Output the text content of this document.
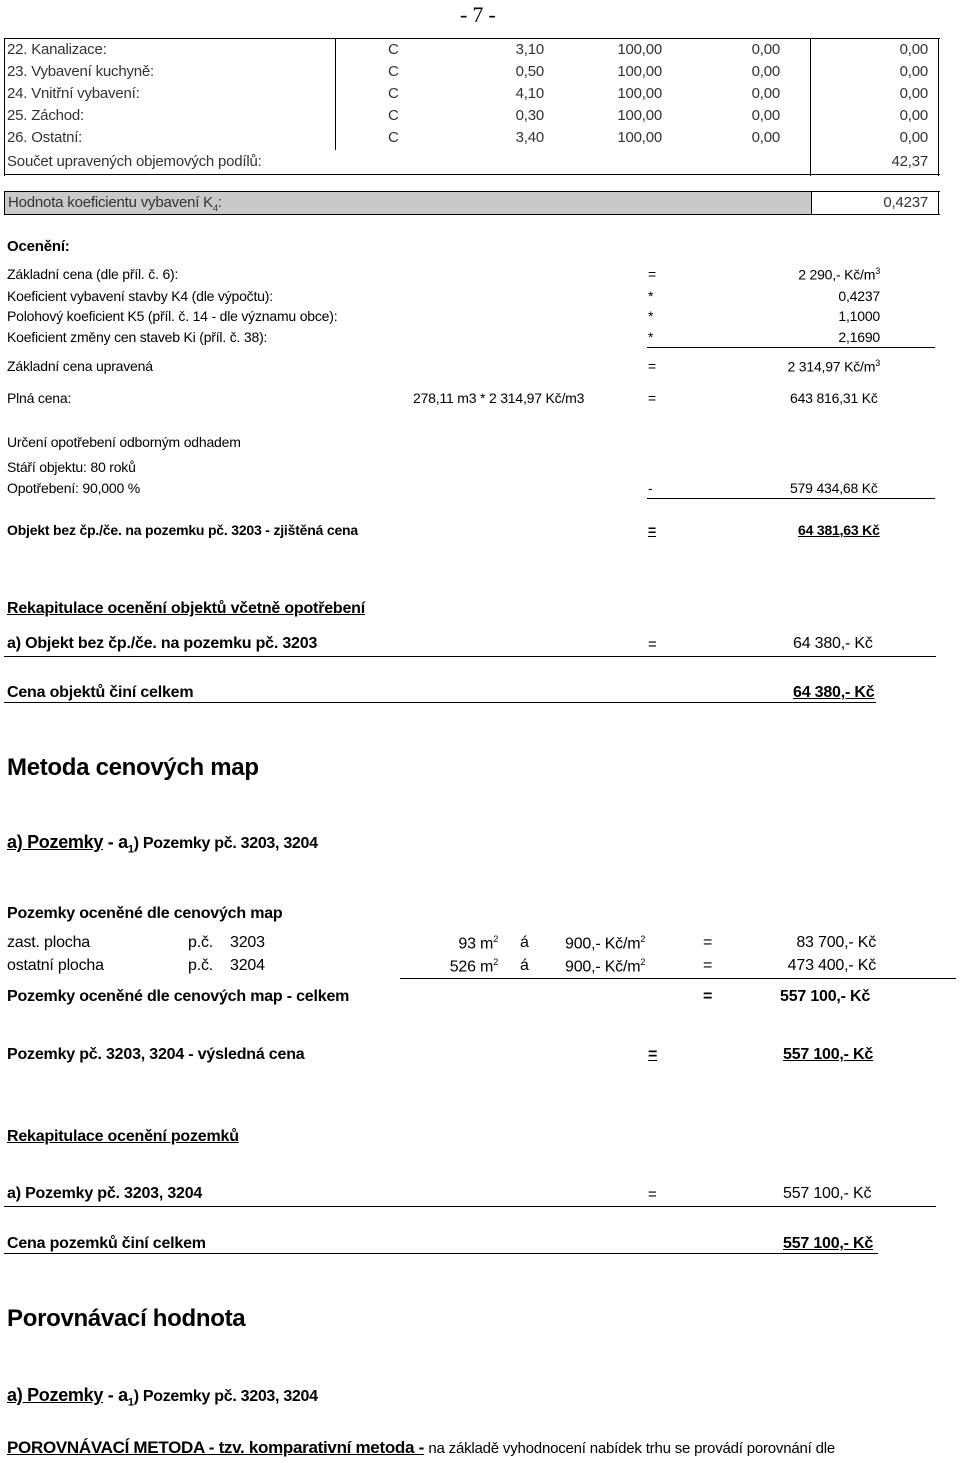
- 7 -
22. Kanalizace:	C	3,10	100,00	0,00	0,00
23. Vybavení kuchyně:	C	0,50	100,00	0,00	0,00
24. Vnitřní vybavení:	C	4,10	100,00	0,00	0,00
25. Záchod:	C	0,30	100,00	0,00	0,00
26. Ostatní:	C	3,40	100,00	0,00	0,00
Součet upravených objemových podílů:	42,37
Hodnota koeficientu vybavení $K_4$:	0,4237
Ocenění:
Základní cena (dle příl. č. 6):	=	2 290,- $Kč/m^3$
Koeficient vybavení stavby K4 (dle výpočtu):	*	0,4237
Polohový koeficient K5 (příl. č. 14 - dle významu obce):	*	1,1000
Koeficient změny cen staveb Ki (příl. č. 38):	*	2,1690
Základní cena upravená	=	2 314,97 $Kč/m^3$
Plná cena:	278,11 m3 * 2 314,97 Kč/m3	=	643 816,31 Kč
Určení opotřebení odborným odhadem
Stáří objektu: 80 roků
Opotřebení: 90,000 %	-	579 434,68 Kč
Objekt bez čp./če. na pozemku pč. 3203 - zjištěná cena	=	64 381,63 Kč
Rekapitulace ocenění objektů včetně opotřebení
a) Objekt bez čp./če. na pozemku pč. 3203	=	64 380,- Kč
Cena objektů činí celkem	64 380,- Kč
Metoda cenových map
a) Pozemky - $a_1$) Pozemky pč. 3203, 3204
Pozemky oceněné dle cenových map
zast. plocha	p.č. 3203	93 $m^2$ á 900,- $Kč/m^2$	=	83 700,- Kč
ostatní plocha	p.č. 3204	526 $m^2$ á 900,- $Kč/m^2$	=	473 400,- Kč
Pozemky oceněné dle cenových map - celkem	=	557 100,- Kč
Pozemky pč. 3203, 3204 - výsledná cena	=	557 100,- Kč
Rekapitulace ocenění pozemků
a) Pozemky pč. 3203, 3204	=	557 100,- Kč
Cena pozemků činí celkem	557 100,- Kč
Porovnávací hodnota
a) Pozemky - $a_1$) Pozemky pč. 3203, 3204
POROVNÁVACÍ METODA - tzv. komparativní metoda - na základě vyhodnocení nabídek trhu se provádí porovnání dle
